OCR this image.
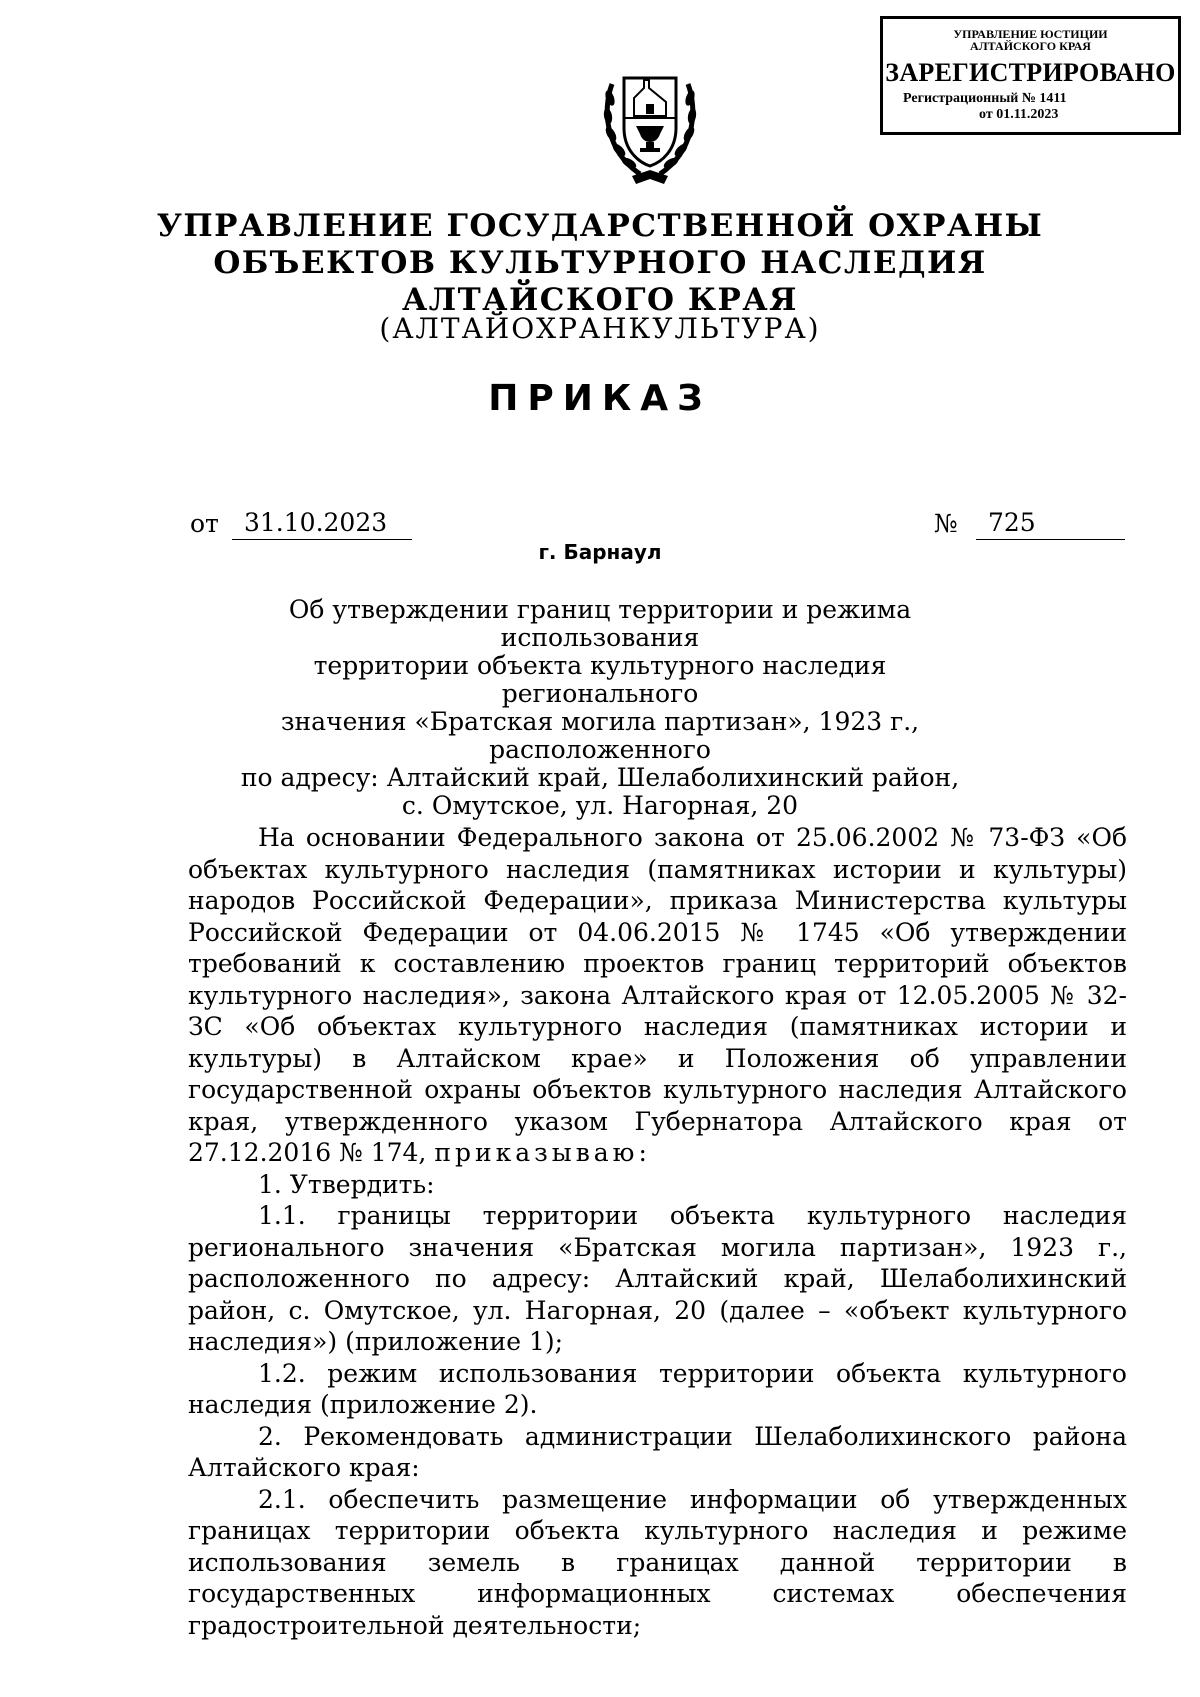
УПРАВЛЕНИЕ ЮСТИЦИИ
АЛТАЙСКОГО КРАЯ
ЗАРЕГИСТРИРОВАНО
Регистрационный № 1411
от 01.11.2023
УПРАВЛЕНИЕ ГОСУДАРСТВЕННОЙ ОХРАНЫ
ОБЪЕКТОВ КУЛЬТУРНОГО НАСЛЕДИЯ
АЛТАЙСКОГО КРАЯ
(АЛТАЙОХРАНКУЛЬТУРА)
ПРИКАЗ
от	31.10.2023	№	725
г. Барнаул
Об утверждении границ территории и режима использования
территории объекта культурного наследия регионального
значения «Братская могила партизан», 1923 г., расположенного
по адресу: Алтайский край, Шелаболихинский район,
с. Омутское, ул. Нагорная, 20

На основании Федерального закона от 25.06.2002 № 73-ФЗ «Об объектах культурного наследия (памятниках истории и культуры) народов Российской Федерации», приказа Министерства культуры Российской Федерации от 04.06.2015 № 1745 «Об утверждении требований к составлению проектов границ территорий объектов культурного наследия», закона Алтайского края от 12.05.2005 № 32-ЗС «Об объектах культурного наследия (памятниках истории и культуры) в Алтайском крае» и Положения об управлении государственной охраны объектов культурного наследия Алтайского края, утвержденного указом Губернатора Алтайского края от 27.12.2016 № 174, приказываю:

1. Утвердить:

1.1. границы территории объекта культурного наследия регионального значения «Братская могила партизан», 1923 г., расположенного по адресу: Алтайский край, Шелаболихинский район, с. Омутское, ул. Нагорная, 20 (далее – «объект культурного наследия») (приложение 1);

1.2. режим использования территории объекта культурного наследия (приложение 2).

2. Рекомендовать администрации Шелаболихинского района Алтайского края:

2.1. обеспечить размещение информации об утвержденных границах территории объекта культурного наследия и режиме использования земель в границах данной территории в государственных информационных системах обеспечения градостроительной деятельности;
